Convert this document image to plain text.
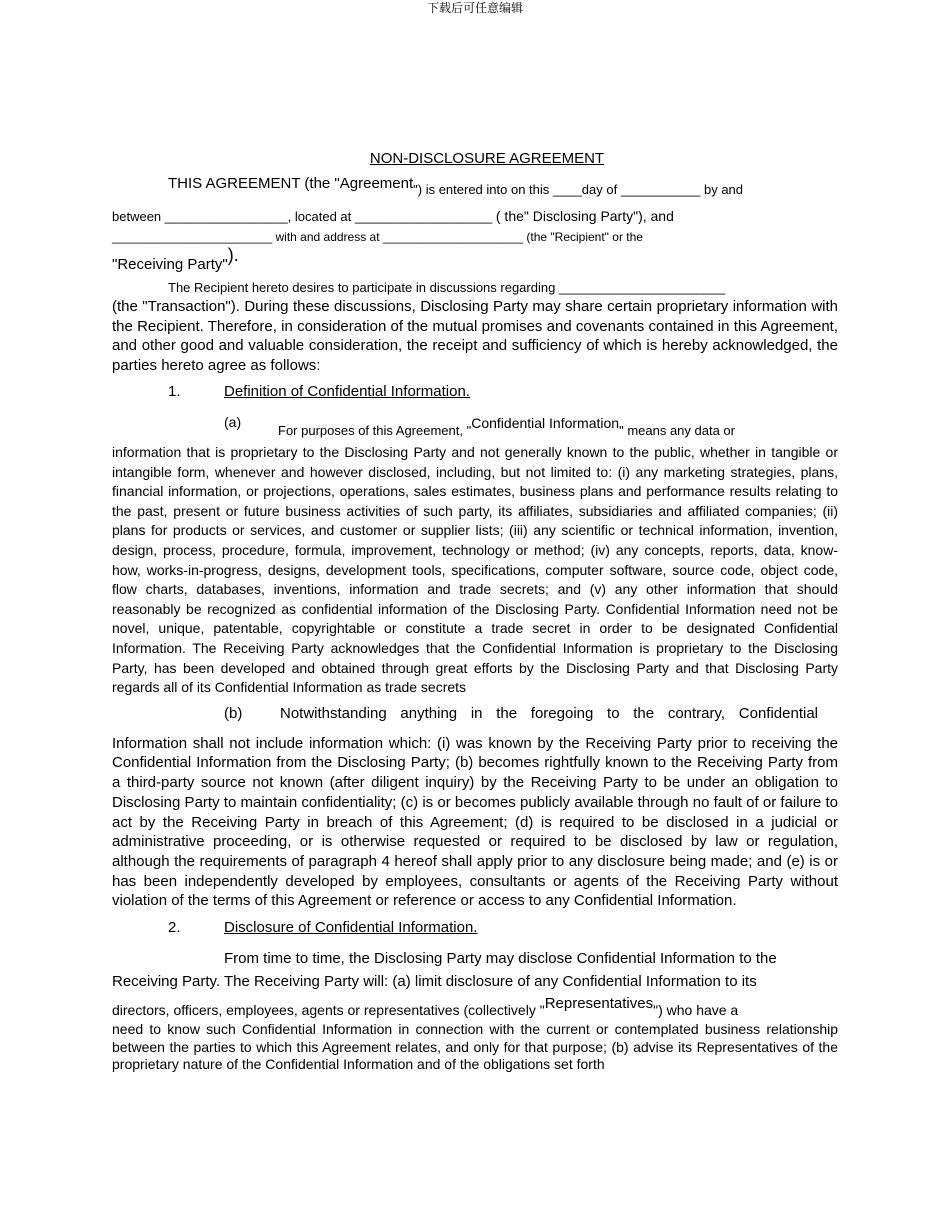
下载后可任意编辑
NON-DISCLOSURE AGREEMENT
THIS AGREEMENT (the "Agreement") is entered into on this ____day of ___________ by and
between _________________, located at ___________________ ( the" Disclosing Party"), and
________________________ with and address at _____________________ (the "Recipient" or the
"Receiving Party").
The Recipient hereto desires to participate in discussions regarding _______________________

(the "Transaction"). During these discussions, Disclosing Party may share certain proprietary information with the Recipient. Therefore, in consideration of the mutual promises and covenants contained in this Agreement, and other good and valuable consideration, the receipt and sufficiency of which is hereby acknowledged, the parties hereto agree as follows:

1.	Definition of Confidential Information.
(a)
For purposes of this Agreement, "Confidential Information" means any data or

information that is proprietary to the Disclosing Party and not generally known to the public, whether in tangible or intangible form, whenever and however disclosed, including, but not limited to: (i) any marketing strategies, plans, financial information, or projections, operations, sales estimates, business plans and performance results relating to the past, present or future business activities of such party, its affiliates, subsidiaries and affiliated companies; (ii) plans for products or services, and customer or supplier lists; (iii) any scientific or technical information, invention, design, process, procedure, formula, improvement, technology or method; (iv) any concepts, reports, data, know-how, works-in-progress, designs, development tools, specifications, computer software, source code, object code, flow charts, databases, inventions, information and trade secrets; and (v) any other information that should reasonably be recognized as confidential information of the Disclosing Party. Confidential Information need not be novel, unique, patentable, copyrightable or constitute a trade secret in order to be designated Confidential Information. The Receiving Party acknowledges that the Confidential Information is proprietary to the Disclosing Party, has been developed and obtained through great efforts by the Disclosing Party and that Disclosing Party regards all of its Confidential Information as trade secrets

(b)	Notwithstanding anything in the foregoing to the contrary, Confidential

Information shall not include information which: (i) was known by the Receiving Party prior to receiving the Confidential Information from the Disclosing Party; (b) becomes rightfully known to the Receiving Party from a third-party source not known (after diligent inquiry) by the Receiving Party to be under an obligation to Disclosing Party to maintain confidentiality; (c) is or becomes publicly available through no fault of or failure to act by the Receiving Party in breach of this Agreement; (d) is required to be disclosed in a judicial or administrative proceeding, or is otherwise requested or required to be disclosed by law or regulation, although the requirements of paragraph 4 hereof shall apply prior to any disclosure being made; and (e) is or has been independently developed by employees, consultants or agents of the Receiving Party without violation of the terms of this Agreement or reference or access to any Confidential Information.

2.	Disclosure of Confidential Information.
From time to time, the Disclosing Party may disclose Confidential Information to the
Receiving Party. The Receiving Party will: (a) limit disclosure of any Confidential Information to its
directors, officers, employees, agents or representatives (collectively "Representatives") who have a

need to know such Confidential Information in connection with the current or contemplated business relationship between the parties to which this Agreement relates, and only for that purpose; (b) advise its Representatives of the proprietary nature of the Confidential Information and of the obligations set forth
